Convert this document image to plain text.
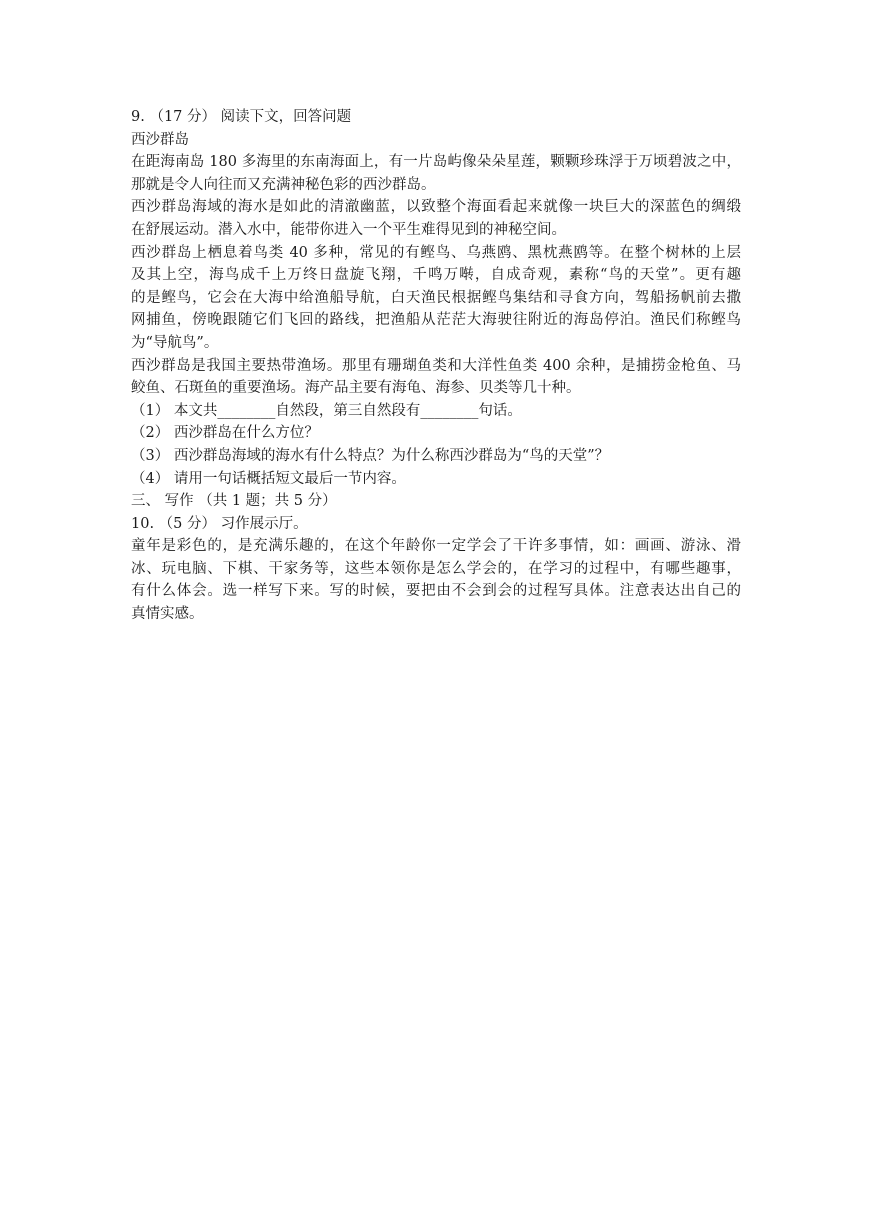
9. （17 分） 阅读下文，回答问题
西沙群岛
在距海南岛 180 多海里的东南海面上，有一片岛屿像朵朵星莲，颗颗珍珠浮于万顷碧波之中，
那就是令人向往而又充满神秘色彩的西沙群岛。
西沙群岛海域的海水是如此的清澈幽蓝，以致整个海面看起来就像一块巨大的深蓝色的绸缎
在舒展运动。潜入水中，能带你进入一个平生难得见到的神秘空间。
西沙群岛上栖息着鸟类 40 多种，常见的有鲣鸟、乌燕鸥、黑枕燕鸥等。在整个树林的上层
及其上空，海鸟成千上万终日盘旋飞翔，千鸣万啭，自成奇观，素称“鸟的天堂”。更有趣
的是鲣鸟，它会在大海中给渔船导航，白天渔民根据鲣鸟集结和寻食方向，驾船扬帆前去撒
网捕鱼，傍晚跟随它们飞回的路线，把渔船从茫茫大海驶往附近的海岛停泊。渔民们称鲣鸟
为“导航鸟”。
西沙群岛是我国主要热带渔场。那里有珊瑚鱼类和大洋性鱼类 400 余种，是捕捞金枪鱼、马
鲛鱼、石斑鱼的重要渔场。海产品主要有海龟、海参、贝类等几十种。
（1） 本文共________自然段，第三自然段有________句话。
（2） 西沙群岛在什么方位？
（3） 西沙群岛海域的海水有什么特点？为什么称西沙群岛为“鸟的天堂”？
（4） 请用一句话概括短文最后一节内容。
三、 写作 （共 1 题；共 5 分）
10. （5 分） 习作展示厅。
童年是彩色的，是充满乐趣的，在这个年龄你一定学会了干许多事情，如：画画、游泳、滑
冰、玩电脑、下棋、干家务等，这些本领你是怎么学会的，在学习的过程中，有哪些趣事，
有什么体会。选一样写下来。写的时候，要把由不会到会的过程写具体。注意表达出自己的
真情实感。
